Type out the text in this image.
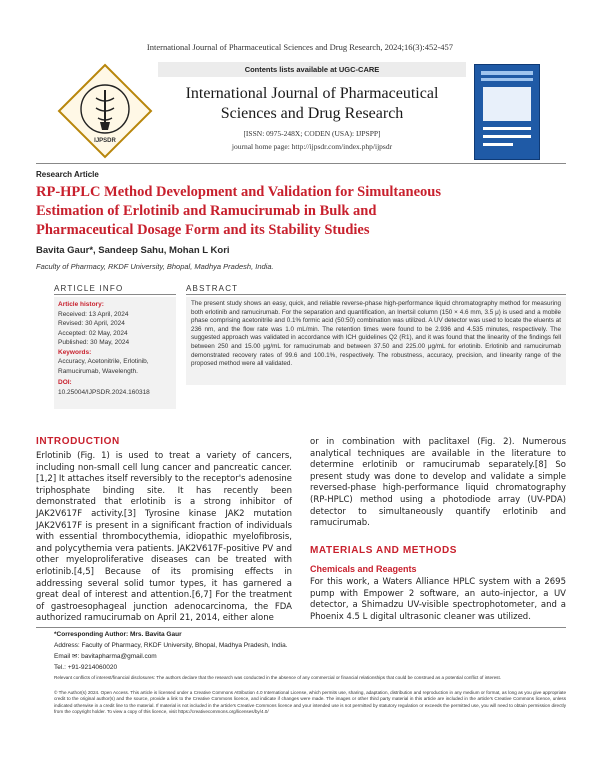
International Journal of Pharmaceutical Sciences and Drug Research, 2024;16(3):452-457
IJPSDR
Contents lists available at UGC-CARE
International Journal of Pharmaceutical
Sciences and Drug Research
[ISSN: 0975-248X; CODEN (USA): IJPSPP]
journal home page: http://ijpsdr.com/index.php/ijpsdr
Research Article
RP-HPLC Method Development and Validation for Simultaneous
Estimation of Erlotinib and Ramucirumab in Bulk and
Pharmaceutical Dosage Form and its Stability Studies
Bavita Gaur*, Sandeep Sahu, Mohan L Kori
Faculty of Pharmacy, RKDF University, Bhopal, Madhya Pradesh, India.
ARTICLE INFO
Article history:
Received: 13 April, 2024
Revised: 30 April, 2024
Accepted: 02 May, 2024
Published: 30 May, 2024
Keywords:
Accuracy, Acetonitrile, Erlotinib,
Ramucirumab, Wavelength.
DOI:
10.25004/IJPSDR.2024.160318
ABSTRACT
The present study shows an easy, quick, and reliable reverse-phase high-performance liquid chromatography method for measuring both erlotinib and ramucirumab. For the separation and quantification, an Inertsil column (150 × 4.6 mm, 3.5 μ) is used and a mobile phase comprising acetonitrile and 0.1% formic acid (50:50) combination was utilized. A UV detector was used to locate the eluents at 236 nm, and the flow rate was 1.0 mL/min. The retention times were found to be 2.936 and 4.535 minutes, respectively. The suggested approach was validated in accordance with ICH guidelines Q2 (R1), and it was found that the linearity of the findings fell between 250 and 15.00 μg/mL for ramucirumab and between 37.50 and 225.00 μg/mL for erlotinib. Erlotinib and ramucirumab demonstrated recovery rates of 99.6 and 100.1%, respectively. The robustness, accuracy, precision, and linearity range of the proposed method were all validated.
INTRODUCTION
Erlotinib (Fig. 1) is used to treat a variety of cancers, including non-small cell lung cancer and pancreatic cancer.[1,2] It attaches itself reversibly to the receptor's adenosine triphosphate binding site. It has recently been demonstrated that erlotinib is a strong inhibitor of JAK2V617F activity.[3] Tyrosine kinase JAK2 mutation JAK2V617F is present in a significant fraction of individuals with essential thrombocythemia, idiopathic myelofibrosis, and polycythemia vera patients. JAK2V617F-positive PV and other myeloproliferative diseases can be treated with erlotinib.[4,5] Because of its promising effects in addressing several solid tumor types, it has garnered a great deal of interest and attention.[6,7] For the treatment of gastroesophageal junction adenocarcinoma, the FDA authorized ramucirumab on April 21, 2014, either alone
or in combination with paclitaxel (Fig. 2). Numerous analytical techniques are available in the literature to determine erlotinib or ramucirumab separately.[8] So present study was done to develop and validate a simple reversed-phase high-performance liquid chromatography (RP-HPLC) method using a photodiode array (UV-PDA) detector to simultaneously quantify erlotinib and ramucirumab.
MATERIALS AND METHODS
Chemicals and Reagents
For this work, a Waters Alliance HPLC system with a 2695 pump with Empower 2 software, an auto-injector, a UV detector, a Shimadzu UV-visible spectrophotometer, and a Phoenix 4.5 L digital ultrasonic cleaner was utilized.
*Corresponding Author: Mrs. Bavita Gaur
Address: Faculty of Pharmacy, RKDF University, Bhopal, Madhya Pradesh, India.
Email ✉: bavitapharma@gmail.com
Tel.: +91-9214060020
Relevant conflicts of interest/financial disclosures: The authors declare that the research was conducted in the absence of any commercial or financial relationships that could be construed as a potential conflict of interest.
© The Author(s) 2024. Open Access. This article is licensed under a Creative Commons Attribution 4.0 International License, which permits use, sharing, adaptation, distribution and reproduction in any medium or format, as long as you give appropriate credit to the original author(s) and the source, provide a link to the Creative Commons licence, and indicate if changes were made. The images or other third party material in this article are included in the article's Creative Commons licence, unless indicated otherwise in a credit line to the material. If material is not included in the article's Creative Commons licence and your intended use is not permitted by statutory regulation or exceeds the permitted use, you will need to obtain permission directly from the copyright holder. To view a copy of this licence, visit https://creativecommons.org/licenses/by/4.0/
